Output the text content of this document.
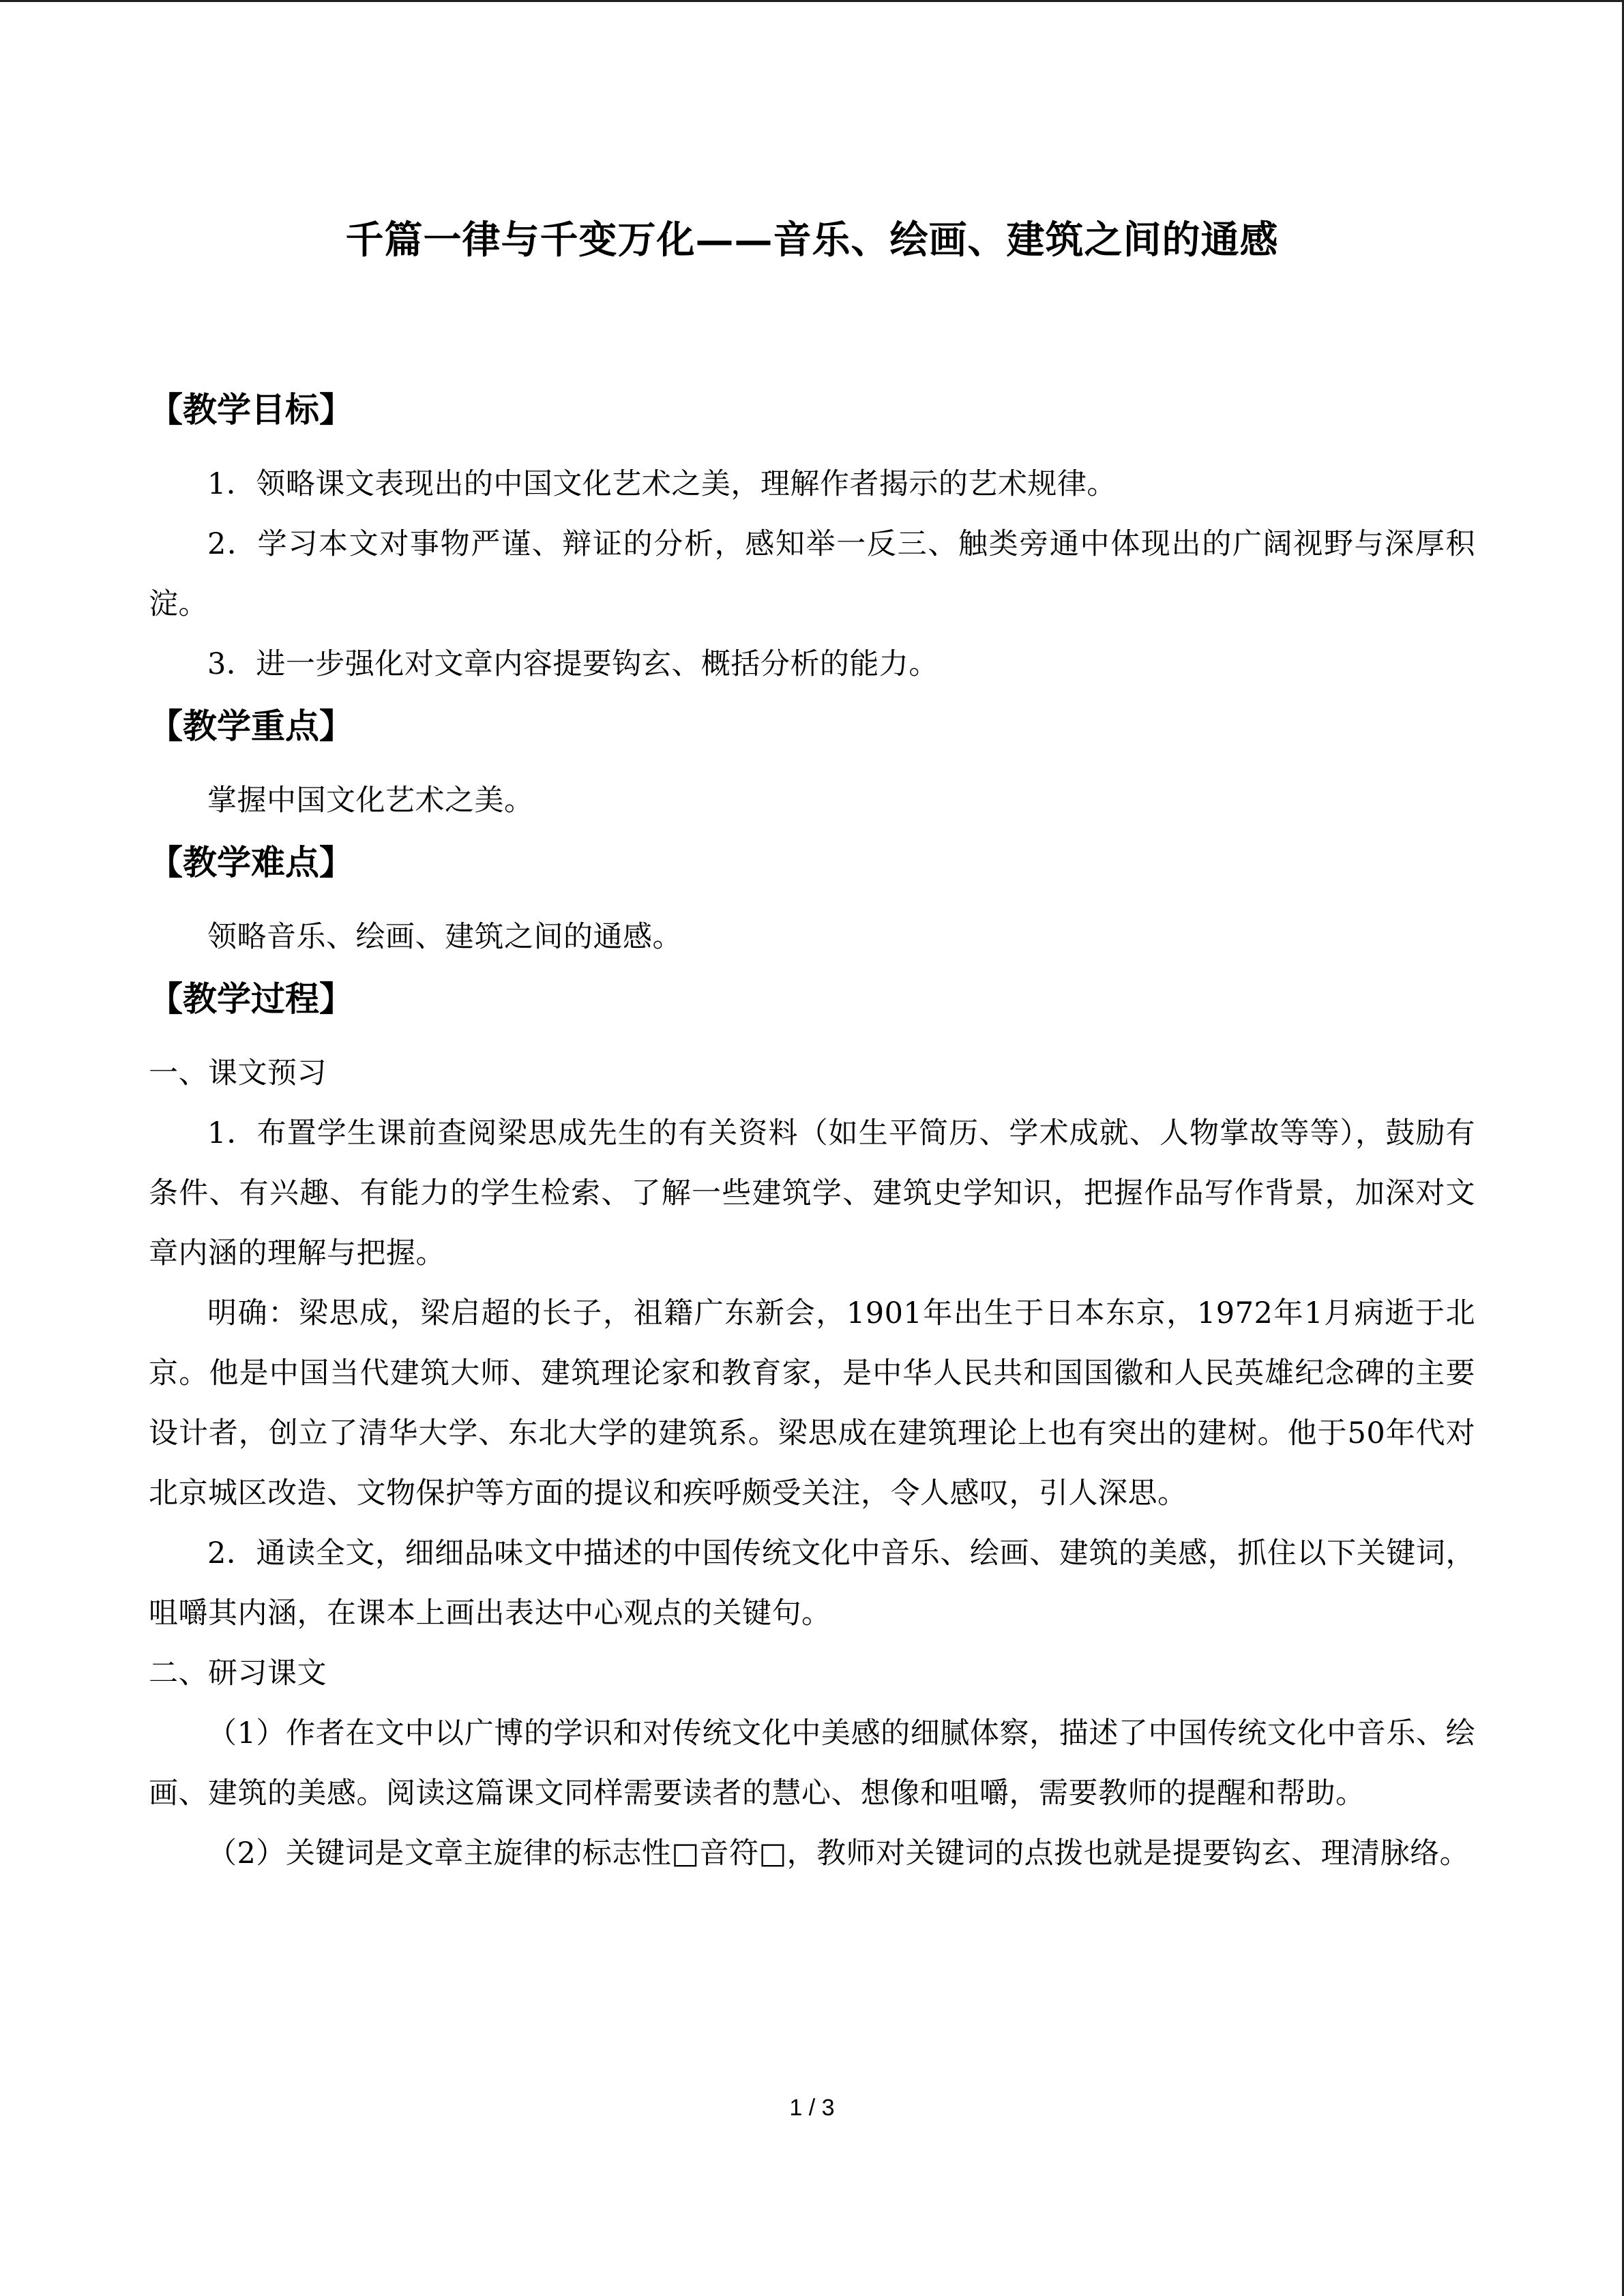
千篇一律与千变万化——音乐、绘画、建筑之间的通感
【教学目标】

1．领略课文表现出的中国文化艺术之美，理解作者揭示的艺术规律。

2．学习本文对事物严谨、辩证的分析，感知举一反三、触类旁通中体现出的广阔视野与深厚积淀。

3．进一步强化对文章内容提要钩玄、概括分析的能力。

【教学重点】

掌握中国文化艺术之美。

【教学难点】

领略音乐、绘画、建筑之间的通感。

【教学过程】

一、课文预习

1．布置学生课前查阅梁思成先生的有关资料（如生平简历、学术成就、人物掌故等等），鼓励有条件、有兴趣、有能力的学生检索、了解一些建筑学、建筑史学知识，把握作品写作背景，加深对文章内涵的理解与把握。

明确：梁思成，梁启超的长子，祖籍广东新会，1901年出生于日本东京，1972年1月病逝于北京。他是中国当代建筑大师、建筑理论家和教育家，是中华人民共和国国徽和人民英雄纪念碑的主要设计者，创立了清华大学、东北大学的建筑系。梁思成在建筑理论上也有突出的建树。他于50年代对北京城区改造、文物保护等方面的提议和疾呼颇受关注，令人感叹，引人深思。

2．通读全文，细细品味文中描述的中国传统文化中音乐、绘画、建筑的美感，抓住以下关键词，咀嚼其内涵，在课本上画出表达中心观点的关键句。

二、研习课文

（1）作者在文中以广博的学识和对传统文化中美感的细腻体察，描述了中国传统文化中音乐、绘画、建筑的美感。阅读这篇课文同样需要读者的慧心、想像和咀嚼，需要教师的提醒和帮助。

（2）关键词是文章主旋律的标志性□音符□，教师对关键词的点拨也就是提要钩玄、理清脉络。

1 / 3
